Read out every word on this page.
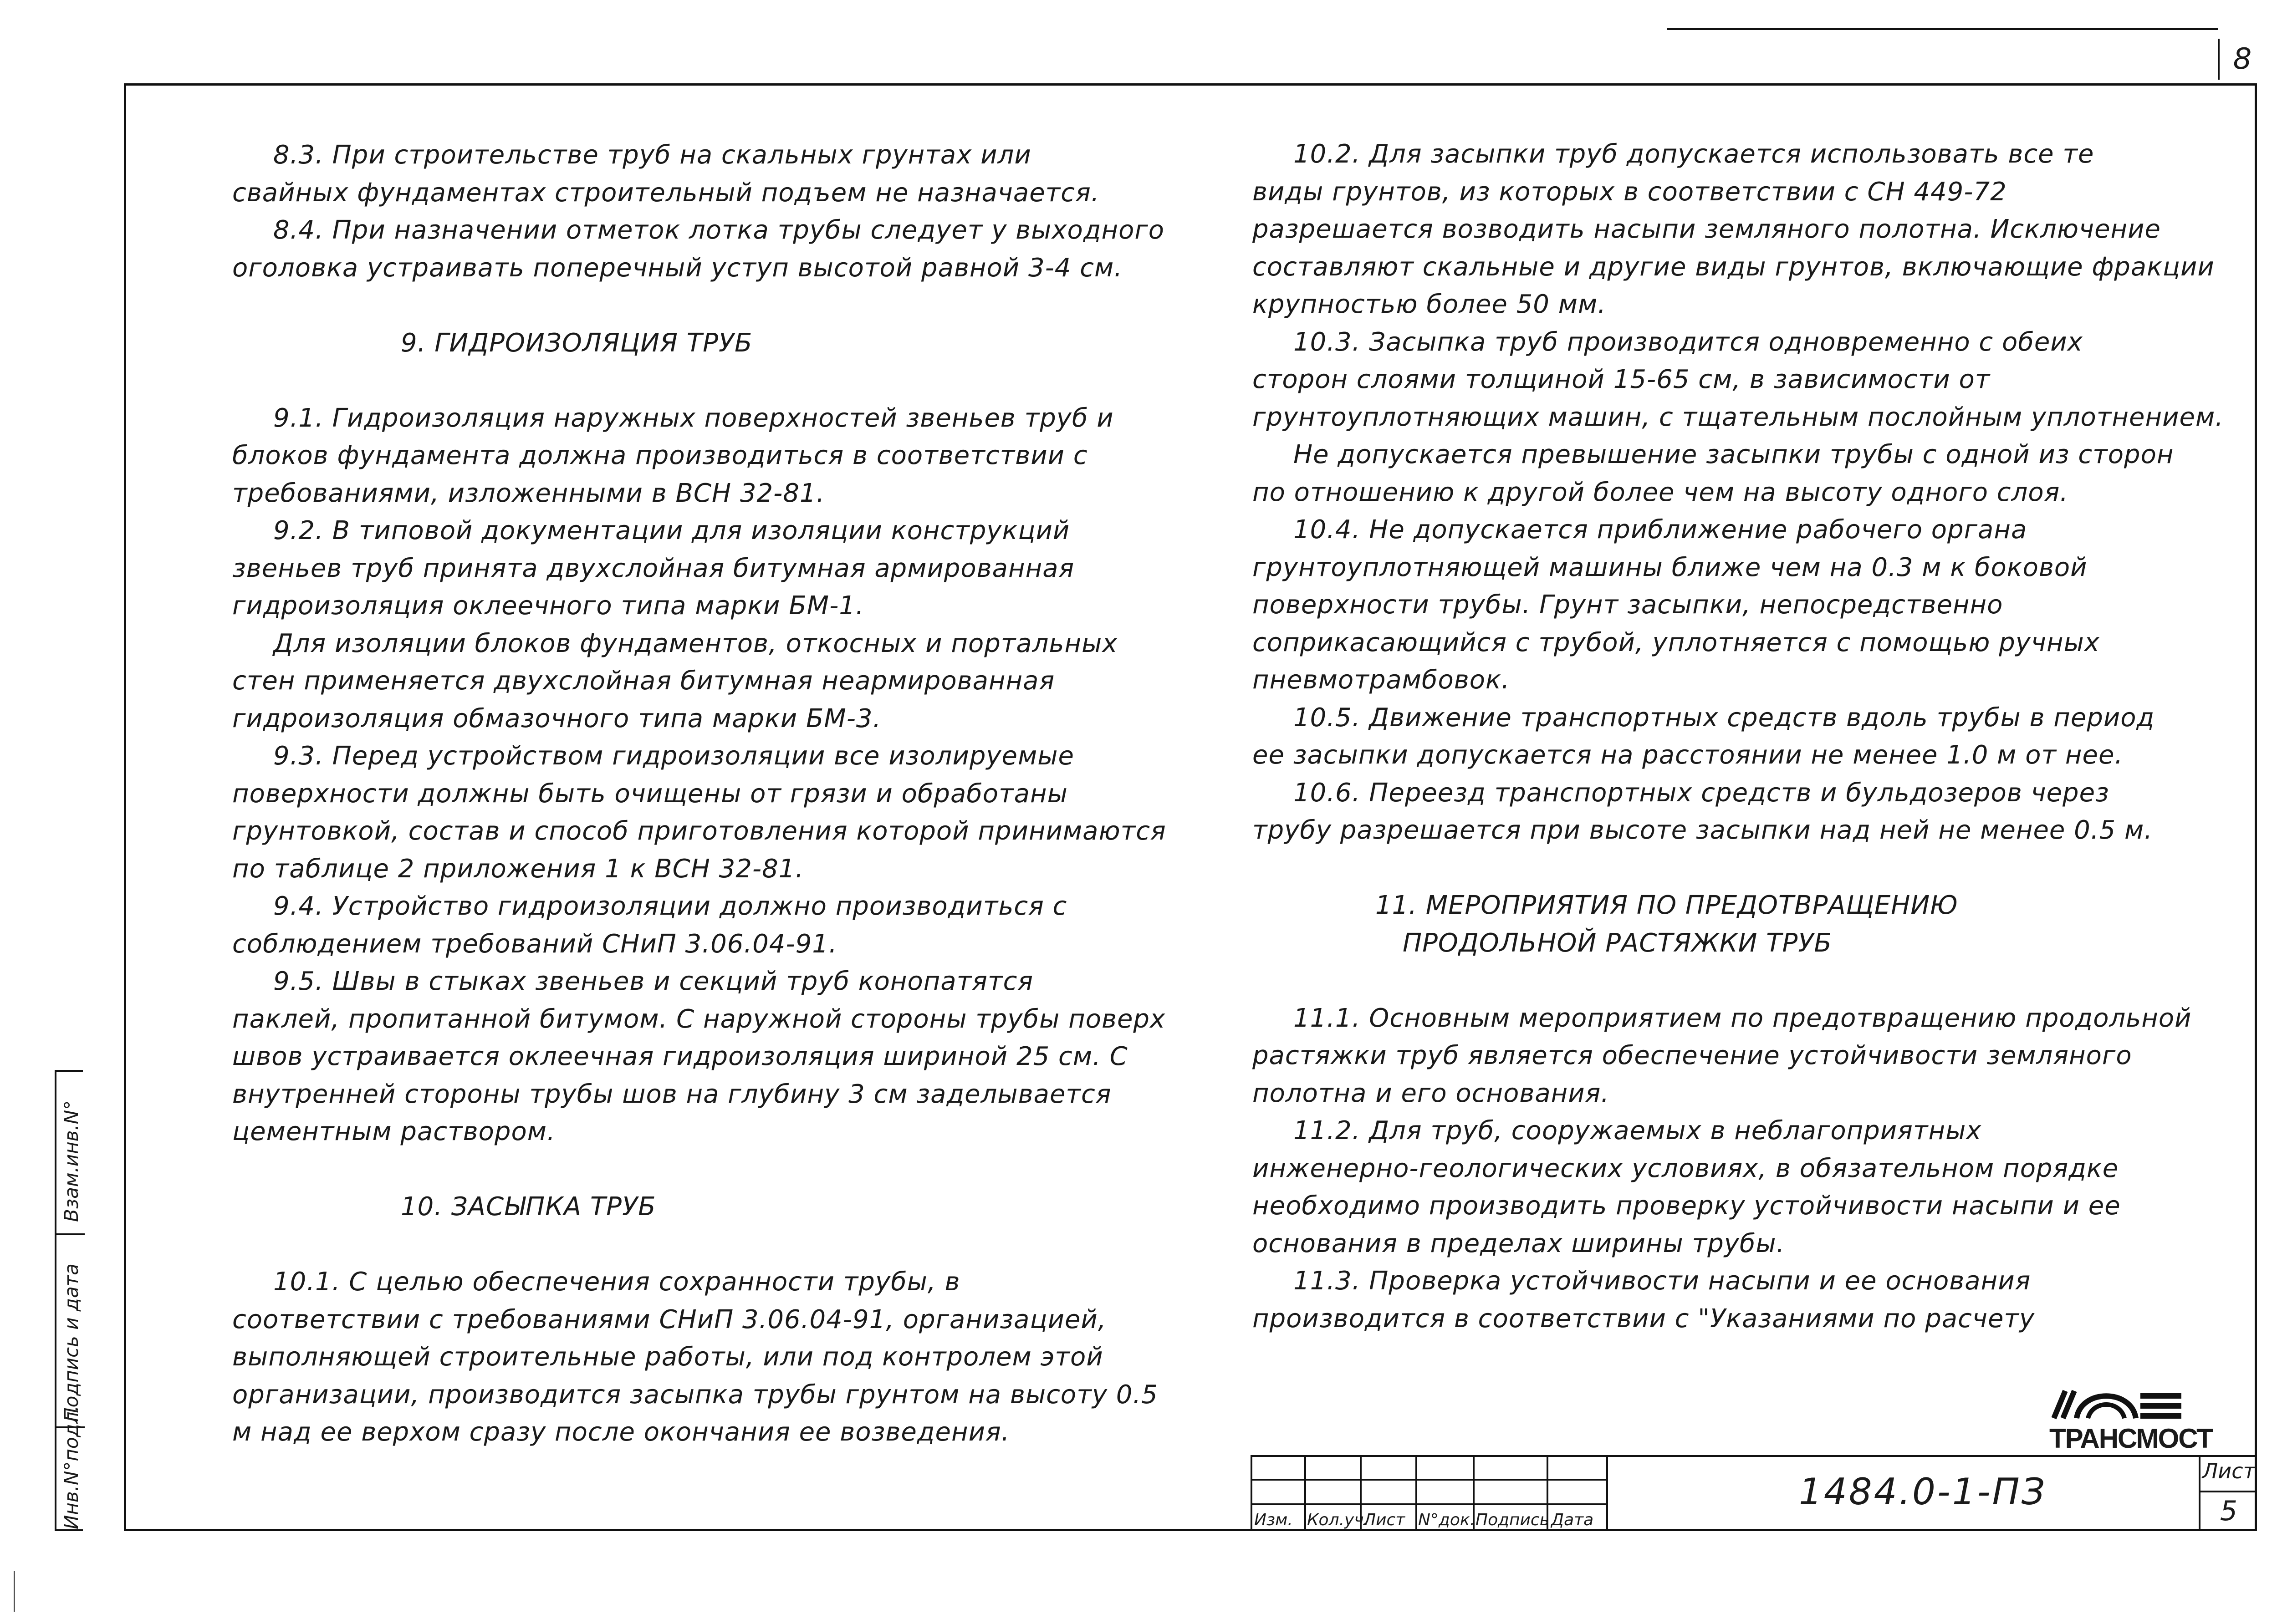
8
Взам.инв.N°
Подпись и дата
Инв.N°подл.

8.3. При строительстве труб на скальных грунтах или

свайных фундаментах строительный подъем не назначается.

8.4. При назначении отметок лотка трубы следует у выходного

оголовка устраивать поперечный уступ высотой равной 3-4 см.

9. ГИДРОИЗОЛЯЦИЯ ТРУБ

9.1. Гидроизоляция наружных поверхностей звеньев труб и

блоков фундамента должна производиться в соответствии с

требованиями, изложенными в ВСН 32-81.

9.2. В типовой документации для изоляции конструкций

звеньев труб принята двухслойная битумная армированная

гидроизоляция оклеечного типа марки БМ-1.

Для изоляции блоков фундаментов, откосных и портальных

стен применяется двухслойная битумная неармированная

гидроизоляция обмазочного типа марки БМ-3.

9.3. Перед устройством гидроизоляции все изолируемые

поверхности должны быть очищены от грязи и обработаны

грунтовкой, состав и способ приготовления которой принимаются

по таблице 2 приложения 1 к ВСН 32-81.

9.4. Устройство гидроизоляции должно производиться с

соблюдением требований СНиП 3.06.04-91.

9.5. Швы в стыках звеньев и секций труб конопатятся

паклей, пропитанной битумом. С наружной стороны трубы поверх

швов устраивается оклеечная гидроизоляция шириной 25 см. С

внутренней стороны трубы шов на глубину 3 см заделывается

цементным раствором.

10. ЗАСЫПКА ТРУБ

10.1. С целью обеспечения сохранности трубы, в

соответствии с требованиями СНиП 3.06.04-91, организацией,

выполняющей строительные работы, или под контролем этой

организации, производится засыпка трубы грунтом на высоту 0.5

м над ее верхом сразу после окончания ее возведения.

10.2. Для засыпки труб допускается использовать все те

виды грунтов, из которых в соответствии с СН 449-72

разрешается возводить насыпи земляного полотна. Исключение

составляют скальные и другие виды грунтов, включающие фракции

крупностью более 50 мм.

10.3. Засыпка труб производится одновременно с обеих

сторон слоями толщиной 15-65 см, в зависимости от

грунтоуплотняющих машин, с тщательным послойным уплотнением.

Не допускается превышение засыпки трубы с одной из сторон

по отношению к другой более чем на высоту одного слоя.

10.4. Не допускается приближение рабочего органа

грунтоуплотняющей машины ближе чем на 0.3 м к боковой

поверхности трубы. Грунт засыпки, непосредственно

соприкасающийся с трубой, уплотняется с помощью ручных

пневмотрамбовок.

10.5. Движение транспортных средств вдоль трубы в период

ее засыпки допускается на расстоянии не менее 1.0 м от нее.

10.6. Переезд транспортных средств и бульдозеров через

трубу разрешается при высоте засыпки над ней не менее 0.5 м.

11. МЕРОПРИЯТИЯ ПО ПРЕДОТВРАЩЕНИЮ

ПРОДОЛЬНОЙ РАСТЯЖКИ ТРУБ

11.1. Основным мероприятием по предотвращению продольной

растяжки труб является обеспечение устойчивости земляного

полотна и его основания.

11.2. Для труб, сооружаемых в неблагоприятных

инженерно-геологических условиях, в обязательном порядке

необходимо производить проверку устойчивости насыпи и ее

основания в пределах ширины трубы.

11.3. Проверка устойчивости насыпи и ее основания

производится в соответствии с "Указаниями по расчету

ТРАНСМОСТ
Изм. Кол.уч.
Лист N°док. Подпись Дата
1484.0-1-ПЗ	Лист
5
